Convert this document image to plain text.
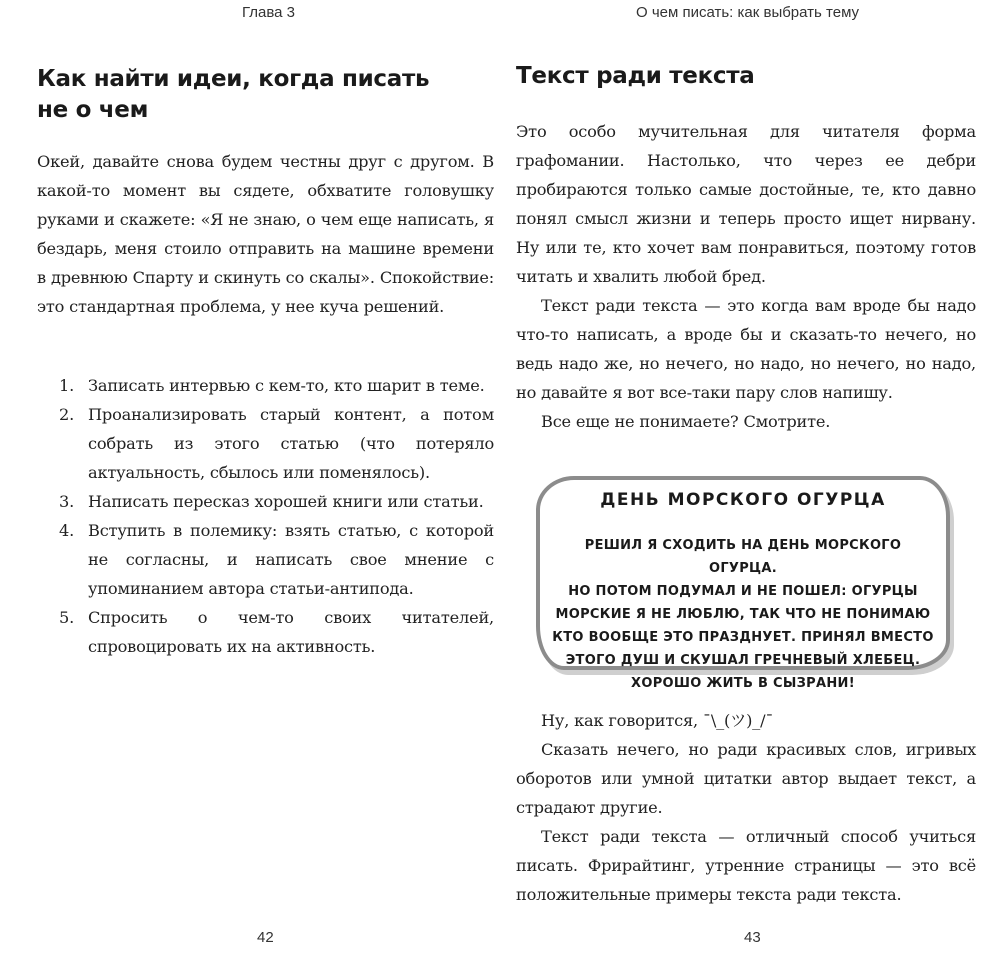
Глава 3
Как найти идеи, когда писать
не о чем
Окей, давайте снова будем честны друг с другом. В какой-то момент вы сядете, обхватите головушку руками и скажете: «Я не знаю, о чем еще написать, я бездарь, меня стоило отправить на машине времени в древнюю Спарту и скинуть со скалы». Спокойствие: это стандартная проблема, у нее куча решений.
1. Записать интервью с кем-то, кто шарит в теме.
2. Проанализировать старый контент, а потом собрать из этого статью (что потеряло актуальность, сбылось или поменялось).
3. Написать пересказ хорошей книги или статьи.
4. Вступить в полемику: взять статью, с которой не согласны, и написать свое мнение с упоминанием автора статьи-антипода.
5. Спросить о чем-то своих читателей, спровоцировать их на активность.
42
О чем писать: как выбрать тему
Текст ради текста
Это особо мучительная для читателя форма графомании. Настолько, что через ее дебри пробираются только самые достойные, те, кто давно понял смысл жизни и теперь просто ищет нирвану. Ну или те, кто хочет вам понравиться, поэтому готов читать и хвалить любой бред.
Текст ради текста — это когда вам вроде бы надо что-то написать, а вроде бы и сказать-то нечего, но ведь надо же, но нечего, но надо, но нечего, но надо, но давайте я вот все-таки пару слов напишу.
Все еще не понимаете? Смотрите.
ДЕНЬ МОРСКОГО ОГУРЦА
РЕШИЛ Я СХОДИТЬ НА ДЕНЬ МОРСКОГО ОГУРЦА.
НО ПОТОМ ПОДУМАЛ И НЕ ПОШЕЛ: ОГУРЦЫ
МОРСКИЕ Я НЕ ЛЮБЛЮ, ТАК ЧТО НЕ ПОНИМАЮ
КТО ВООБЩЕ ЭТО ПРАЗДНУЕТ. ПРИНЯЛ ВМЕСТО
ЭТОГО ДУШ И СКУШАЛ ГРЕЧНЕВЫЙ ХЛЕБЕЦ.
ХОРОШО ЖИТЬ В СЫЗРАНИ!
Ну, как говорится, ¯\_(ツ)_/¯
Сказать нечего, но ради красивых слов, игривых оборотов или умной цитатки автор выдает текст, а страдают другие.
Текст ради текста — отличный способ учиться писать. Фрирайтинг, утренние страницы — это всё положительные примеры текста ради текста.
43
